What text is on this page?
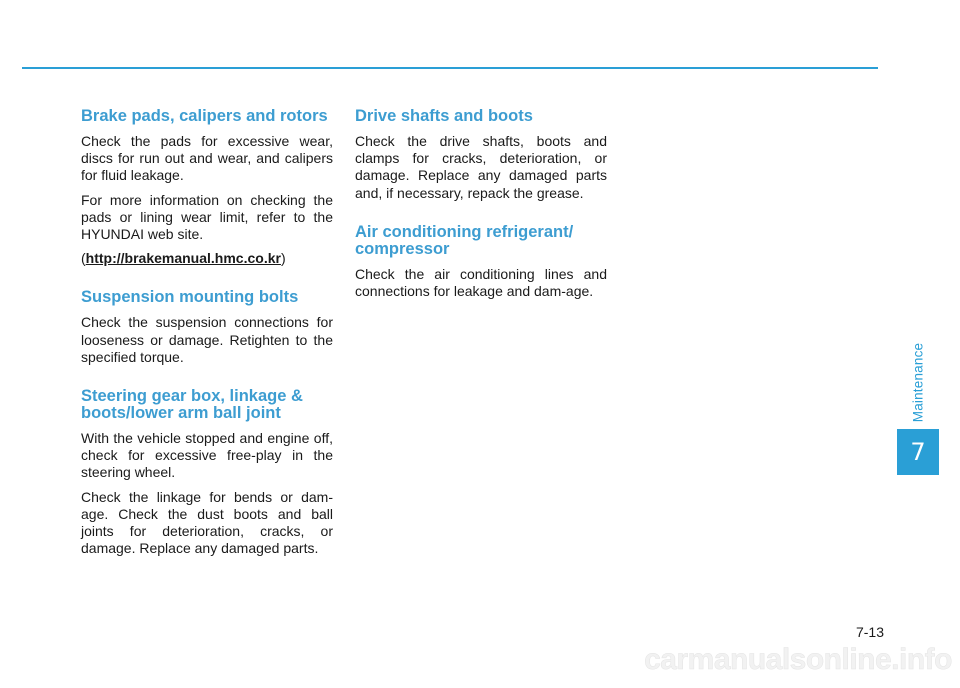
Brake pads, calipers and rotors

Check the pads for excessive wear, discs for run out and wear, and calipers for fluid leakage.

For more information on checking the pads or lining wear limit, refer to the HYUNDAI web site.

(http://brakemanual.hmc.co.kr)

Suspension mounting bolts

Check the suspension connections for looseness or damage. Retighten to the specified torque.

Steering gear box, linkage & boots/lower arm ball joint

With the vehicle stopped and engine off, check for excessive free-play in the steering wheel.

Check the linkage for bends or dam-age. Check the dust boots and ball joints for deterioration, cracks, or damage. Replace any damaged parts.

Drive shafts and boots

Check the drive shafts, boots and clamps for cracks, deterioration, or damage. Replace any damaged parts and, if necessary, repack the grease.

Air conditioning refrigerant/ compressor

Check the air conditioning lines and connections for leakage and dam-age.

Maintenance
7
7-13
carmanualsonline.info
